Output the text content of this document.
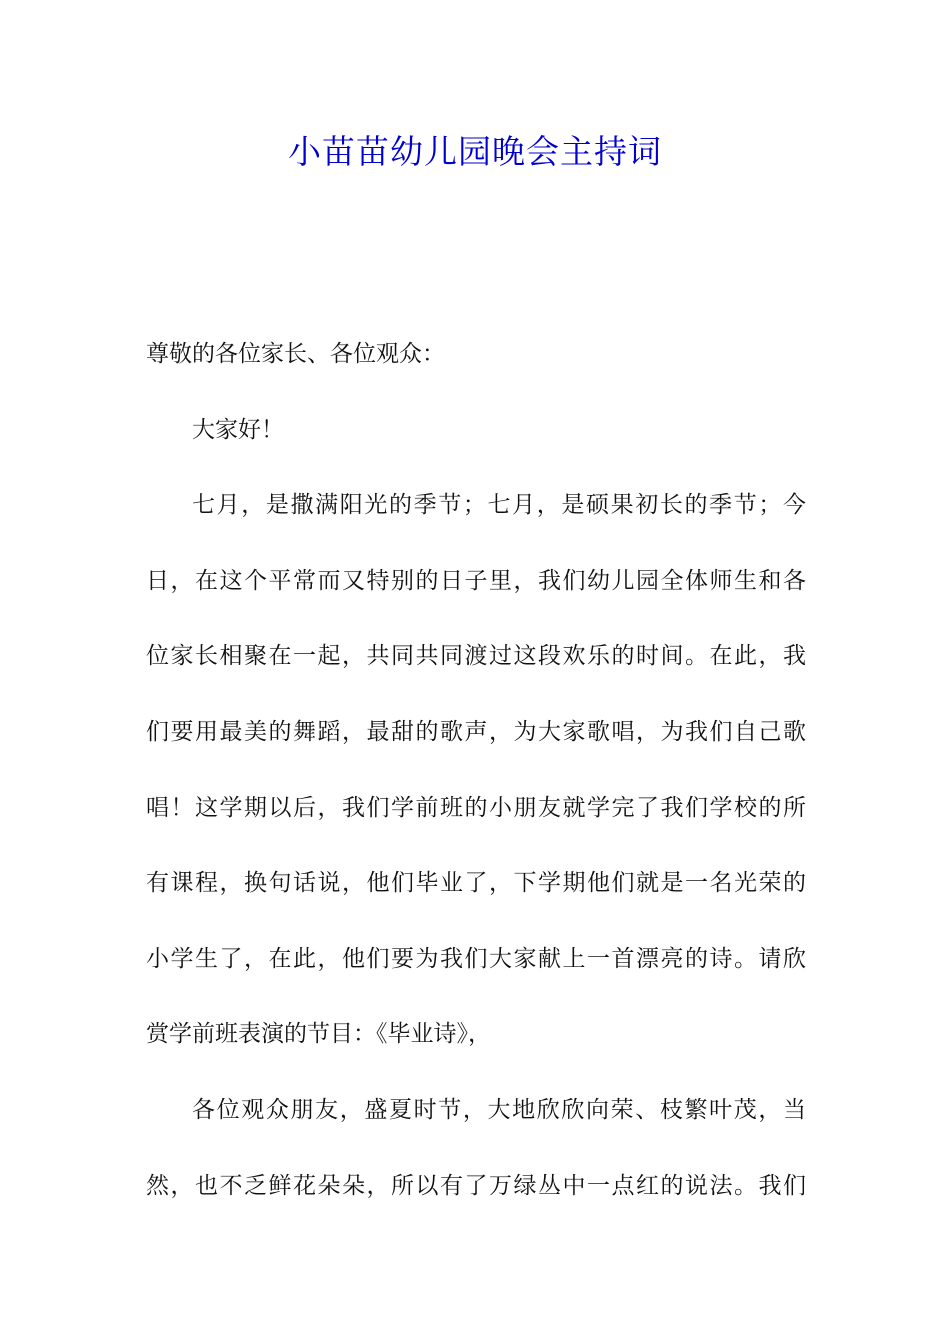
小苗苗幼儿园晚会主持词
尊敬的各位家长、各位观众：
大家好！
七月，是撒满阳光的季节；七月，是硕果初长的季节；今
日，在这个平常而又特别的日子里，我们幼儿园全体师生和各
位家长相聚在一起，共同共同渡过这段欢乐的时间。在此，我
们要用最美的舞蹈，最甜的歌声，为大家歌唱，为我们自己歌
唱！这学期以后，我们学前班的小朋友就学完了我们学校的所
有课程，换句话说，他们毕业了，下学期他们就是一名光荣的
小学生了，在此，他们要为我们大家献上一首漂亮的诗。请欣
赏学前班表演的节目：《毕业诗》，
各位观众朋友，盛夏时节，大地欣欣向荣、枝繁叶茂，当
然，也不乏鲜花朵朵，所以有了万绿丛中一点红的说法。我们
